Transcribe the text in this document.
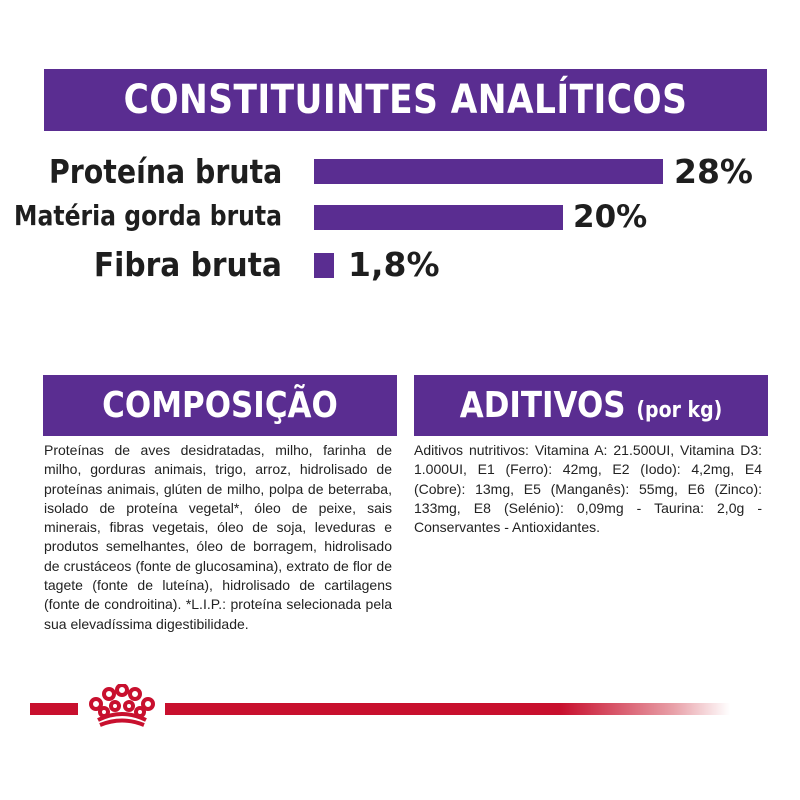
CONSTITUINTES ANALÍTICOS
Proteína bruta	28%
Matéria gorda bruta	20%
Fibra bruta 1,8%
COMPOSIÇÃO
Proteínas de aves desidratadas, milho, farinha de milho, gorduras animais, trigo, arroz, hidrolisado de proteínas animais, glúten de milho, polpa de beterraba, isolado de proteína vegetal*, óleo de peixe, sais minerais, fibras vegetais, óleo de soja, leveduras e produtos semelhantes, óleo de borragem, hidrolisado de crustáceos (fonte de glucosamina), extrato de flor de tagete (fonte de luteína), hidrolisado de cartilagens (fonte de condroitina). *L.I.P.: proteína selecionada pela sua elevadíssima digestibilidade.
ADITIVOS (por kg)
Aditivos nutritivos: Vitamina A: 21.500UI, Vitamina D3: 1.000UI, E1 (Ferro): 42mg, E2 (Iodo): 4,2mg, E4 (Cobre): 13mg, E5 (Manganês): 55mg, E6 (Zinco): 133mg, E8 (Selénio): 0,09mg - Taurina: 2,0g - Conservantes - Antioxidantes.
